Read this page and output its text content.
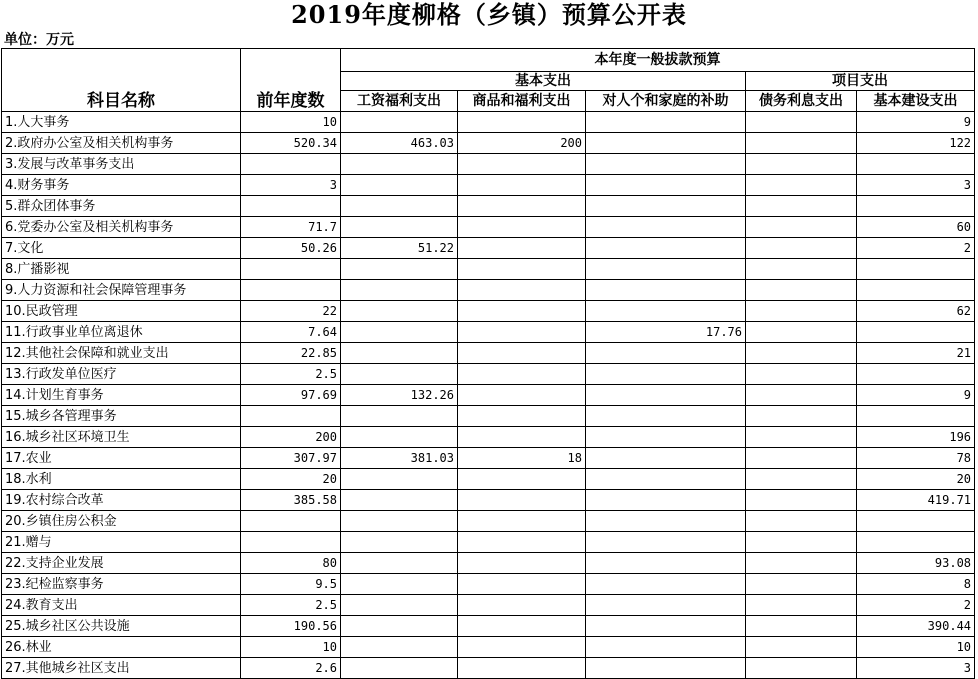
2019年度柳格（乡镇）预算公开表
单位：万元
科目名称	前年度数	本年度一般拔款预算				
		基本支出			项目支出	
		工资福利支出	商品和福利支出	对人个和家庭的补助	债务利息支出	基本建设支出
1.人大事务	10					9
2.政府办公室及相关机构事务	520.34	463.03	200			122
3.发展与改革事务支出						
4.财务事务	3					3
5.群众团体事务						
6.党委办公室及相关机构事务	71.7					60
7.文化	50.26	51.22				2
8.广播影视						
9.人力资源和社会保障管理事务						
10.民政管理	22					62
11.行政事业单位离退休	7.64			17.76		
12.其他社会保障和就业支出	22.85					21
13.行政发单位医疗	2.5					
14.计划生育事务	97.69	132.26				9
15.城乡各管理事务						
16.城乡社区环境卫生	200					196
17.农业	307.97	381.03	18			78
18.水利	20					20
19.农村综合改革	385.58					419.71
20.乡镇住房公积金						
21.赠与						
22.支持企业发展	80					93.08
23.纪检监察事务	9.5					8
24.教育支出	2.5					2
25.城乡社区公共设施	190.56					390.44
26.林业	10					10
27.其他城乡社区支出	2.6					3
